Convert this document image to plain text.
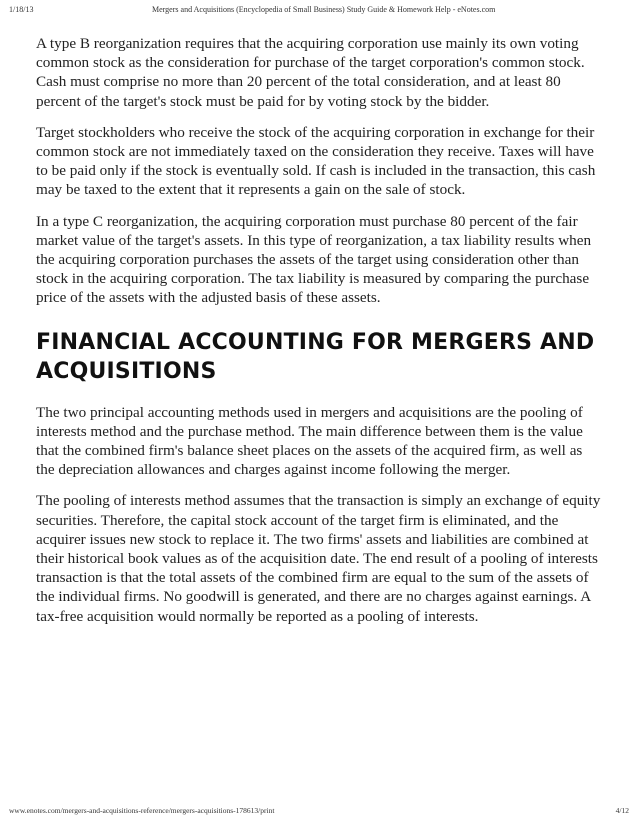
1/18/13	Mergers and Acquisitions (Encyclopedia of Small Business) Study Guide & Homework Help - eNotes.com

A type B reorganization requires that the acquiring corporation use mainly its own voting common stock as the consideration for purchase of the target corporation's common stock. Cash must comprise no more than 20 percent of the total consideration, and at least 80 percent of the target's stock must be paid for by voting stock by the bidder.

Target stockholders who receive the stock of the acquiring corporation in exchange for their common stock are not immediately taxed on the consideration they receive. Taxes will have to be paid only if the stock is eventually sold. If cash is included in the transaction, this cash may be taxed to the extent that it represents a gain on the sale of stock.

In a type C reorganization, the acquiring corporation must purchase 80 percent of the fair market value of the target's assets. In this type of reorganization, a tax liability results when the acquiring corporation purchases the assets of the target using consideration other than stock in the acquiring corporation. The tax liability is measured by comparing the purchase price of the assets with the adjusted basis of these assets.

FINANCIAL ACCOUNTING FOR MERGERS AND ACQUISITIONS

The two principal accounting methods used in mergers and acquisitions are the pooling of interests method and the purchase method. The main difference between them is the value that the combined firm's balance sheet places on the assets of the acquired firm, as well as the depreciation allowances and charges against income following the merger.

The pooling of interests method assumes that the transaction is simply an exchange of equity securities. Therefore, the capital stock account of the target firm is eliminated, and the acquirer issues new stock to replace it. The two firms' assets and liabilities are combined at their historical book values as of the acquisition date. The end result of a pooling of interests transaction is that the total assets of the combined firm are equal to the sum of the assets of the individual firms. No goodwill is generated, and there are no charges against earnings. A tax-free acquisition would normally be reported as a pooling of interests.

www.enotes.com/mergers-and-acquisitions-reference/mergers-acquisitions-178613/print	4/12
